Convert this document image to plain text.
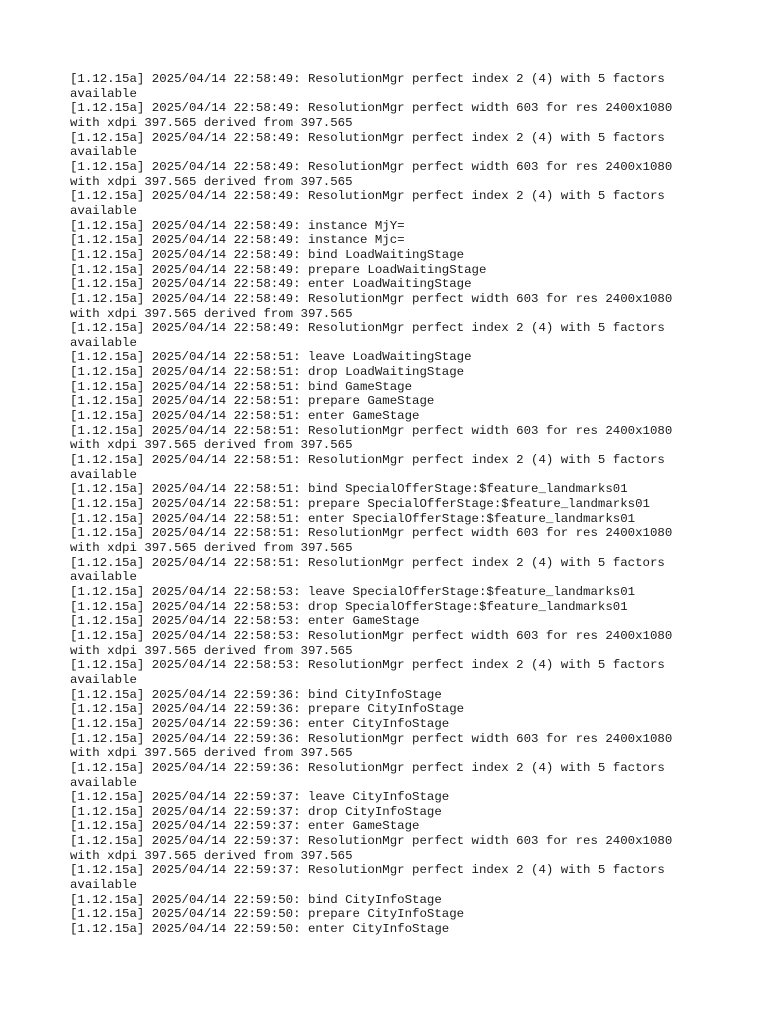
[1.12.15a] 2025/04/14 22:58:49: ResolutionMgr perfect index 2 (4) with 5 factors available
[1.12.15a] 2025/04/14 22:58:49: ResolutionMgr perfect width 603 for res 2400x1080 with xdpi 397.565 derived from 397.565
[1.12.15a] 2025/04/14 22:58:49: ResolutionMgr perfect index 2 (4) with 5 factors available
[1.12.15a] 2025/04/14 22:58:49: ResolutionMgr perfect width 603 for res 2400x1080 with xdpi 397.565 derived from 397.565
[1.12.15a] 2025/04/14 22:58:49: ResolutionMgr perfect index 2 (4) with 5 factors available
[1.12.15a] 2025/04/14 22:58:49: instance MjY=
[1.12.15a] 2025/04/14 22:58:49: instance Mjc=
[1.12.15a] 2025/04/14 22:58:49: bind LoadWaitingStage
[1.12.15a] 2025/04/14 22:58:49: prepare LoadWaitingStage
[1.12.15a] 2025/04/14 22:58:49: enter LoadWaitingStage
[1.12.15a] 2025/04/14 22:58:49: ResolutionMgr perfect width 603 for res 2400x1080 with xdpi 397.565 derived from 397.565
[1.12.15a] 2025/04/14 22:58:49: ResolutionMgr perfect index 2 (4) with 5 factors available
[1.12.15a] 2025/04/14 22:58:51: leave LoadWaitingStage
[1.12.15a] 2025/04/14 22:58:51: drop LoadWaitingStage
[1.12.15a] 2025/04/14 22:58:51: bind GameStage
[1.12.15a] 2025/04/14 22:58:51: prepare GameStage
[1.12.15a] 2025/04/14 22:58:51: enter GameStage
[1.12.15a] 2025/04/14 22:58:51: ResolutionMgr perfect width 603 for res 2400x1080 with xdpi 397.565 derived from 397.565
[1.12.15a] 2025/04/14 22:58:51: ResolutionMgr perfect index 2 (4) with 5 factors available
[1.12.15a] 2025/04/14 22:58:51: bind SpecialOfferStage:$feature_landmarks01
[1.12.15a] 2025/04/14 22:58:51: prepare SpecialOfferStage:$feature_landmarks01
[1.12.15a] 2025/04/14 22:58:51: enter SpecialOfferStage:$feature_landmarks01
[1.12.15a] 2025/04/14 22:58:51: ResolutionMgr perfect width 603 for res 2400x1080 with xdpi 397.565 derived from 397.565
[1.12.15a] 2025/04/14 22:58:51: ResolutionMgr perfect index 2 (4) with 5 factors available
[1.12.15a] 2025/04/14 22:58:53: leave SpecialOfferStage:$feature_landmarks01
[1.12.15a] 2025/04/14 22:58:53: drop SpecialOfferStage:$feature_landmarks01
[1.12.15a] 2025/04/14 22:58:53: enter GameStage
[1.12.15a] 2025/04/14 22:58:53: ResolutionMgr perfect width 603 for res 2400x1080 with xdpi 397.565 derived from 397.565
[1.12.15a] 2025/04/14 22:58:53: ResolutionMgr perfect index 2 (4) with 5 factors available
[1.12.15a] 2025/04/14 22:59:36: bind CityInfoStage
[1.12.15a] 2025/04/14 22:59:36: prepare CityInfoStage
[1.12.15a] 2025/04/14 22:59:36: enter CityInfoStage
[1.12.15a] 2025/04/14 22:59:36: ResolutionMgr perfect width 603 for res 2400x1080 with xdpi 397.565 derived from 397.565
[1.12.15a] 2025/04/14 22:59:36: ResolutionMgr perfect index 2 (4) with 5 factors available
[1.12.15a] 2025/04/14 22:59:37: leave CityInfoStage
[1.12.15a] 2025/04/14 22:59:37: drop CityInfoStage
[1.12.15a] 2025/04/14 22:59:37: enter GameStage
[1.12.15a] 2025/04/14 22:59:37: ResolutionMgr perfect width 603 for res 2400x1080 with xdpi 397.565 derived from 397.565
[1.12.15a] 2025/04/14 22:59:37: ResolutionMgr perfect index 2 (4) with 5 factors available
[1.12.15a] 2025/04/14 22:59:50: bind CityInfoStage
[1.12.15a] 2025/04/14 22:59:50: prepare CityInfoStage
[1.12.15a] 2025/04/14 22:59:50: enter CityInfoStage
